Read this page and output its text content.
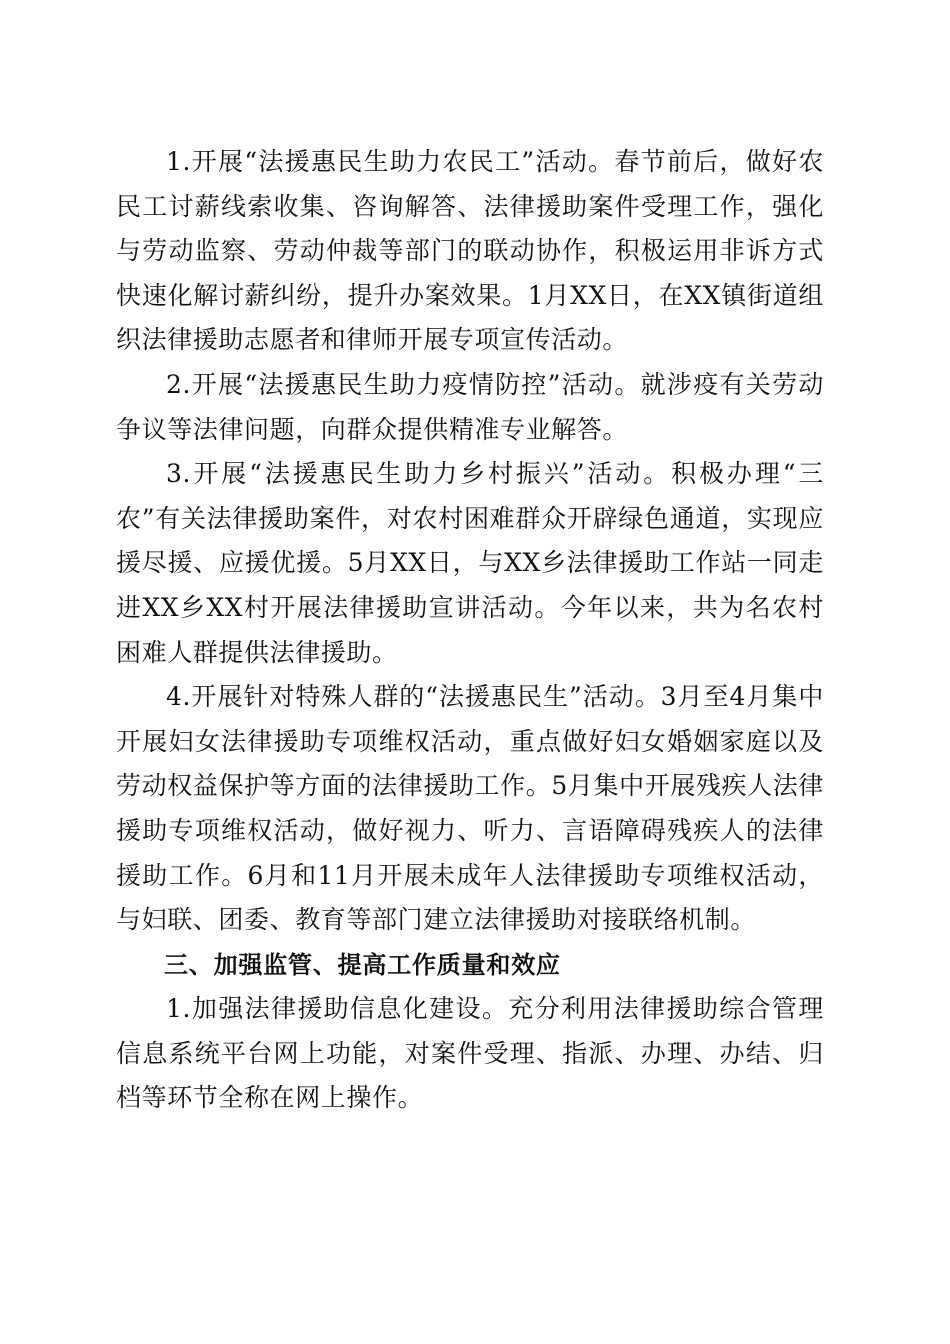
1.开展“法援惠民生助力农民工”活动。春节前后，做好农民工讨薪线索收集、咨询解答、法律援助案件受理工作，强化与劳动监察、劳动仲裁等部门的联动协作，积极运用非诉方式快速化解讨薪纠纷，提升办案效果。1月XX日，在XX镇街道组织法律援助志愿者和律师开展专项宣传活动。

2.开展“法援惠民生助力疫情防控”活动。就涉疫有关劳动争议等法律问题，向群众提供精准专业解答。

3.开展“法援惠民生助力乡村振兴”活动。积极办理“三农”有关法律援助案件，对农村困难群众开辟绿色通道，实现应援尽援、应援优援。5月XX日，与XX乡法律援助工作站一同走进XX乡XX村开展法律援助宣讲活动。今年以来，共为名农村困难人群提供法律援助。

4.开展针对特殊人群的“法援惠民生”活动。3月至4月集中开展妇女法律援助专项维权活动，重点做好妇女婚姻家庭以及劳动权益保护等方面的法律援助工作。5月集中开展残疾人法律援助专项维权活动，做好视力、听力、言语障碍残疾人的法律援助工作。6月和11月开展未成年人法律援助专项维权活动，与妇联、团委、教育等部门建立法律援助对接联络机制。

三、加强监管、提高工作质量和效应

1.加强法律援助信息化建设。充分利用法律援助综合管理信息系统平台网上功能，对案件受理、指派、办理、办结、归档等环节全称在网上操作。
